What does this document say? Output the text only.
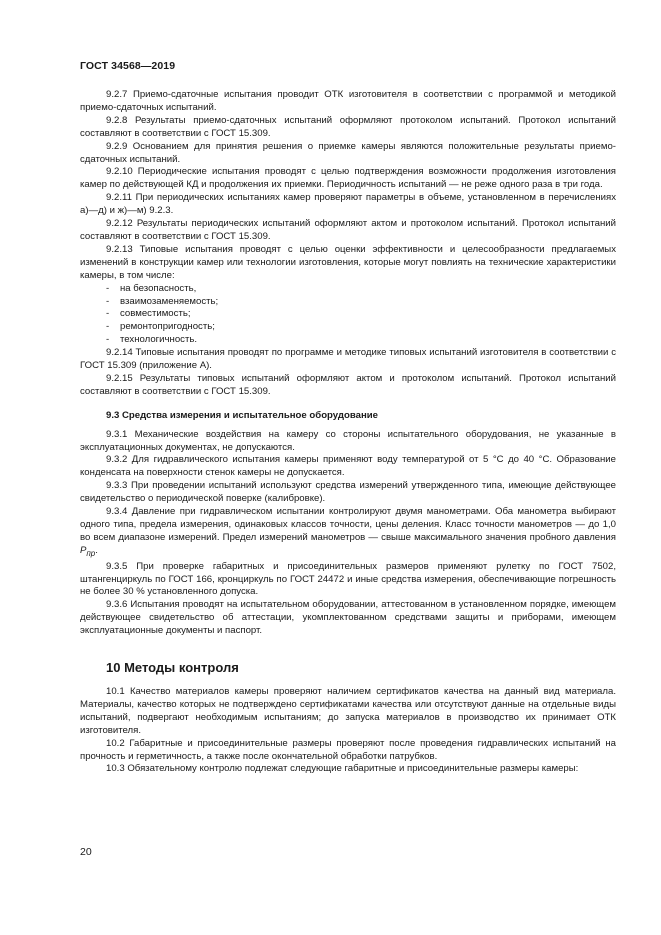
ГОСТ 34568—2019

9.2.7 Приемо-сдаточные испытания проводит ОТК изготовителя в соответствии с программой и методикой приемо-сдаточных испытаний.

9.2.8 Результаты приемо-сдаточных испытаний оформляют протоколом испытаний. Протокол испытаний составляют в соответствии с ГОСТ 15.309.

9.2.9 Основанием для принятия решения о приемке камеры являются положительные результаты приемо-сдаточных испытаний.

9.2.10 Периодические испытания проводят с целью подтверждения возможности продолжения изготовления камер по действующей КД и продолжения их приемки. Периодичность испытаний — не реже одного раза в три года.

9.2.11 При периодических испытаниях камер проверяют параметры в объеме, установленном в перечислениях а)—д) и ж)—м) 9.2.3.

9.2.12 Результаты периодических испытаний оформляют актом и протоколом испытаний. Протокол испытаний составляют в соответствии с ГОСТ 15.309.

9.2.13 Типовые испытания проводят с целью оценки эффективности и целесообразности предлагаемых изменений в конструкции камер или технологии изготовления, которые могут повлиять на технические характеристики камеры, в том числе:

- на безопасность,
- взаимозаменяемость;
- совместимость;
- ремонтопригодность;
- технологичность.

9.2.14 Типовые испытания проводят по программе и методике типовых испытаний изготовителя в соответствии с ГОСТ 15.309 (приложение А).

9.2.15 Результаты типовых испытаний оформляют актом и протоколом испытаний. Протокол испытаний составляют в соответствии с ГОСТ 15.309.

9.3 Средства измерения и испытательное оборудование

9.3.1 Механические воздействия на камеру со стороны испытательного оборудования, не указанные в эксплуатационных документах, не допускаются.

9.3.2 Для гидравлического испытания камеры применяют воду температурой от 5 °С до 40 °С. Образование конденсата на поверхности стенок камеры не допускается.

9.3.3 При проведении испытаний используют средства измерений утвержденного типа, имеющие действующее свидетельство о периодической поверке (калибровке).

9.3.4 Давление при гидравлическом испытании контролируют двумя манометрами. Оба манометра выбирают одного типа, предела измерения, одинаковых классов точности, цены деления. Класс точности манометров — до 1,0 во всем диапазоне измерений. Предел измерений манометров — свыше максимального значения пробного давления $P_{пр}$.

9.3.5 При проверке габаритных и присоединительных размеров применяют рулетку по ГОСТ 7502, штангенциркуль по ГОСТ 166, кронциркуль по ГОСТ 24472 и иные средства измерения, обеспечивающие погрешность не более 30 % установленного допуска.

9.3.6 Испытания проводят на испытательном оборудовании, аттестованном в установленном порядке, имеющем действующее свидетельство об аттестации, укомплектованном средствами защиты и приборами, имеющем эксплуатационные документы и паспорт.

10 Методы контроля

10.1 Качество материалов камеры проверяют наличием сертификатов качества на данный вид материала. Материалы, качество которых не подтверждено сертификатами качества или отсутствуют данные на отдельные виды испытаний, подвергают необходимым испытаниям; до запуска материалов в производство их принимает ОТК изготовителя.

10.2 Габаритные и присоединительные размеры проверяют после проведения гидравлических испытаний на прочность и герметичность, а также после окончательной обработки патрубков.

10.3 Обязательному контролю подлежат следующие габаритные и присоединительные размеры камеры:

20
